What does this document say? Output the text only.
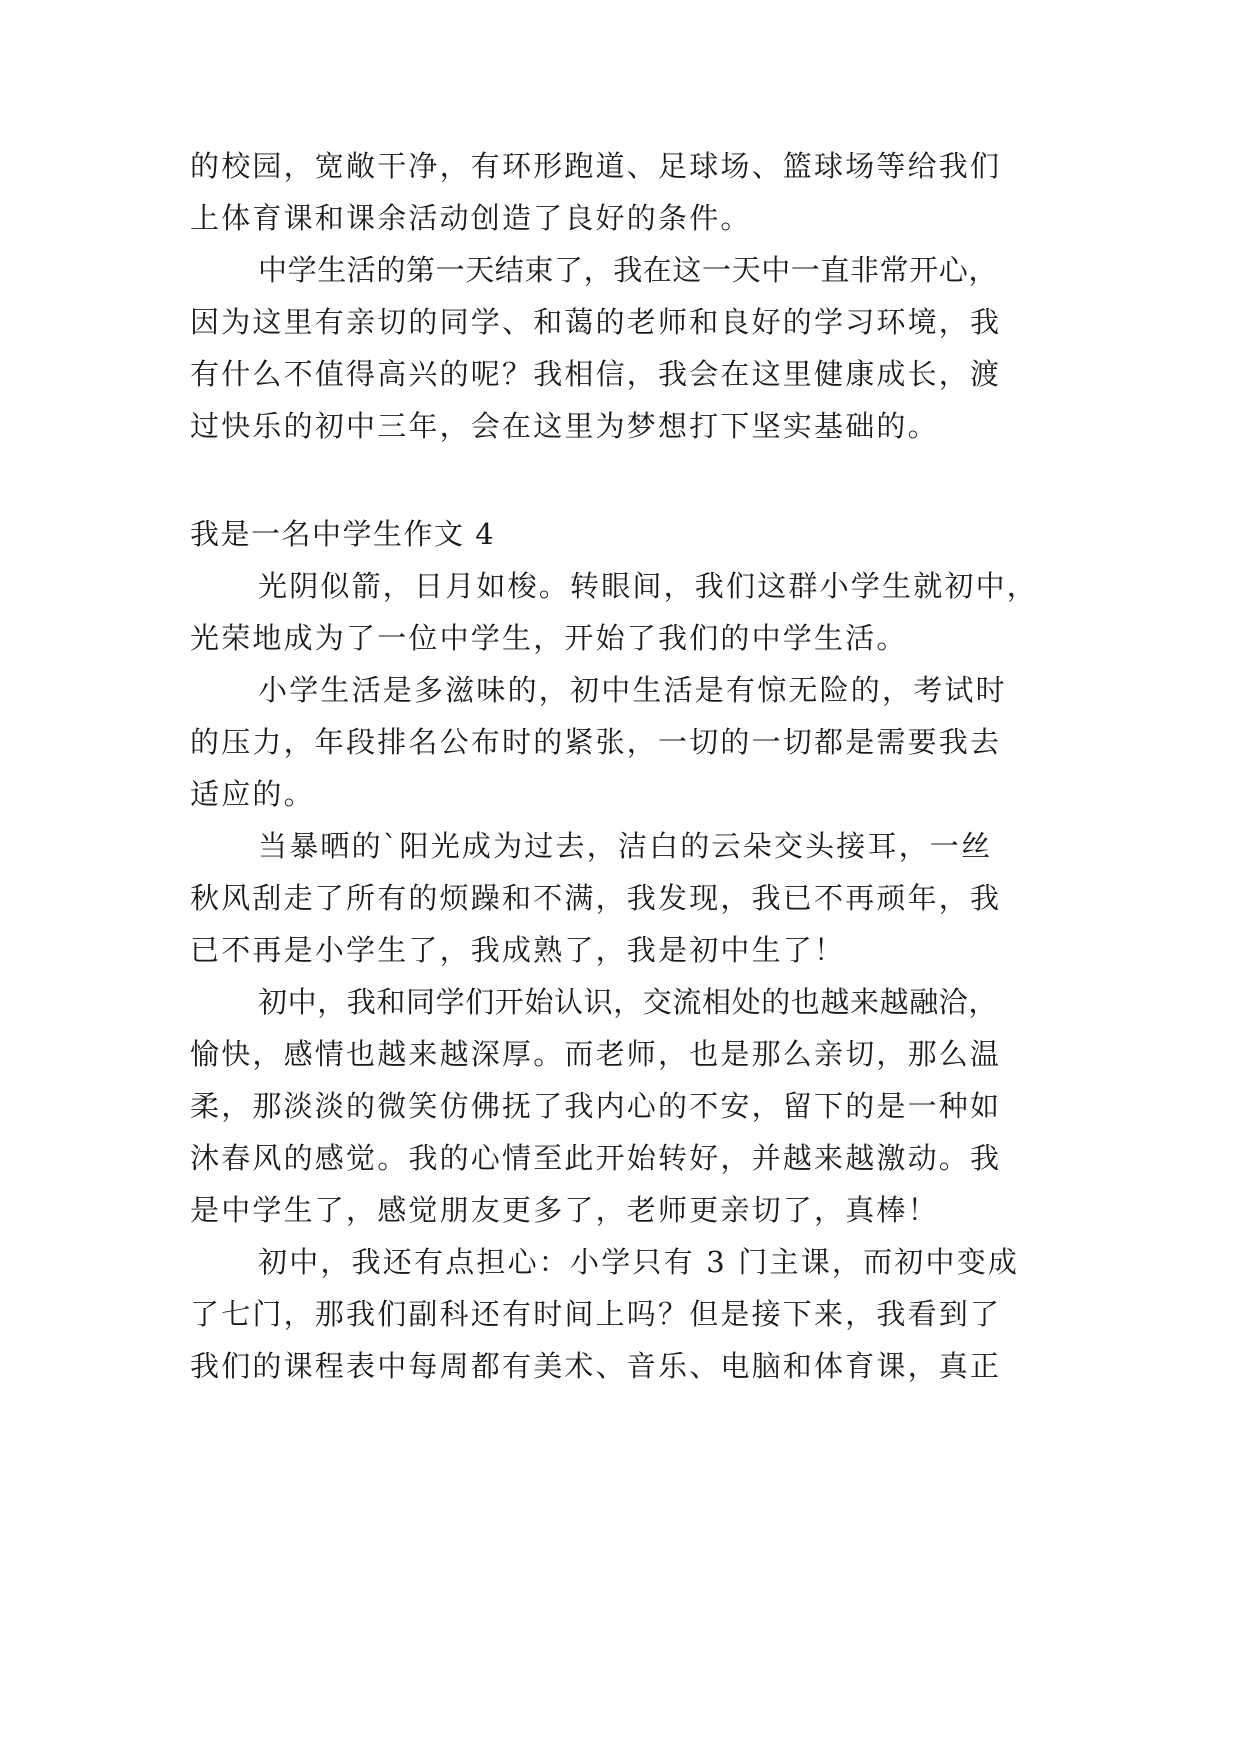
的校园，宽敞干净，有环形跑道、足球场、篮球场等给我们
上体育课和课余活动创造了良好的条件。
中学生活的第一天结束了，我在这一天中一直非常开心，
因为这里有亲切的同学、和蔼的老师和良好的学习环境，我
有什么不值得高兴的呢？我相信，我会在这里健康成长，渡
过快乐的初中三年，会在这里为梦想打下坚实基础的。
我是一名中学生作文 4
光阴似箭，日月如梭。转眼间，我们这群小学生就初中，
光荣地成为了一位中学生，开始了我们的中学生活。
小学生活是多滋味的，初中生活是有惊无险的，考试时
的压力，年段排名公布时的紧张，一切的一切都是需要我去
适应的。
当暴晒的`阳光成为过去，洁白的云朵交头接耳，一丝
秋风刮走了所有的烦躁和不满，我发现，我已不再顽年，我
已不再是小学生了，我成熟了，我是初中生了！
初中，我和同学们开始认识，交流相处的也越来越融洽，
愉快，感情也越来越深厚。而老师，也是那么亲切，那么温
柔，那淡淡的微笑仿佛抚了我内心的不安，留下的是一种如
沐春风的感觉。我的心情至此开始转好，并越来越激动。我
是中学生了，感觉朋友更多了，老师更亲切了，真棒！
初中，我还有点担心：小学只有 3 门主课，而初中变成
了七门，那我们副科还有时间上吗？但是接下来，我看到了
我们的课程表中每周都有美术、音乐、电脑和体育课，真正
